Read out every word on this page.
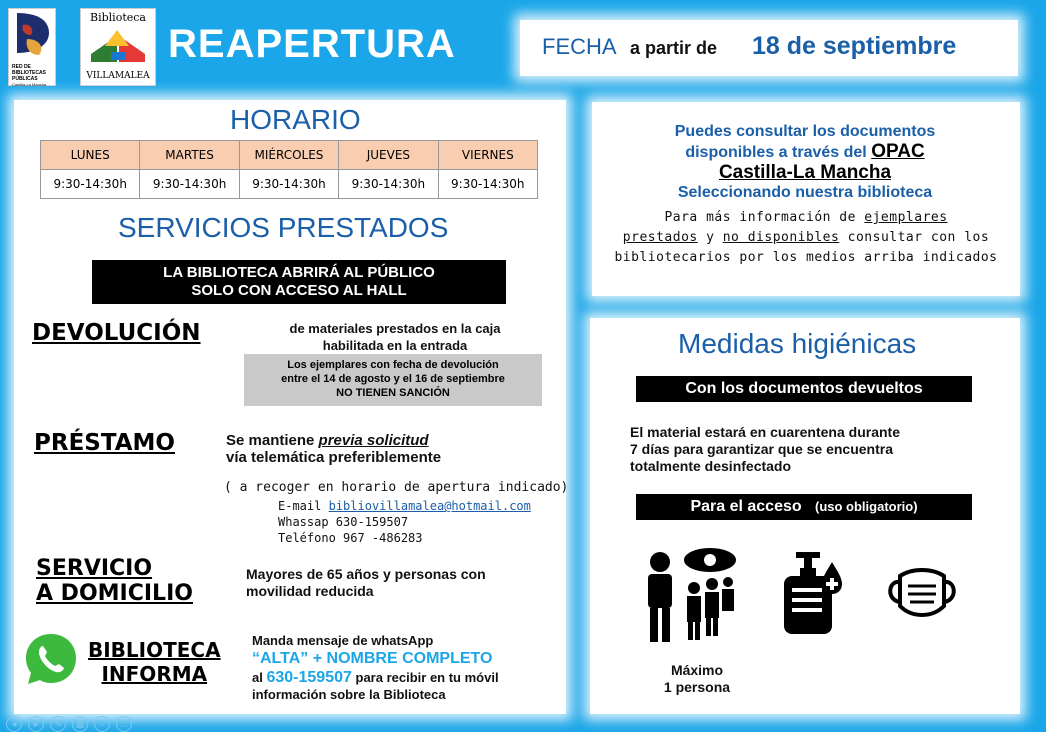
RED DE BIBLIOTECAS PÚBLICAS
Castilla-La Mancha
Biblioteca
VILLAMALEA
REAPERTURA	FECHA a partir de 18 de septiembre
HORARIO
LUNES	MARTES	MIÉRCOLES	JUEVES	VIERNES
9:30-14:30h	9:30-14:30h	9:30-14:30h	9:30-14:30h	9:30-14:30h
SERVICIOS PRESTADOS
LA BIBLIOTECA ABRIRÁ AL PÚBLICO
SOLO CON ACCESO AL HALL
DEVOLUCIÓN	de materiales prestados en la caja
habilitada en la entrada
Los ejemplares con fecha de devolución
entre el 14 de agosto y el 16 de septiembre
NO TIENEN SANCIÓN
PRÉSTAMO	Se mantiene previa solicitud
vía telemática preferiblemente
( a recoger en horario de apertura indicado)
E-mail bibliovillamalea@hotmail.com
Whassap 630-159507
Teléfono 967 -486283
SERVICIO
A DOMICILIO
Mayores de 65 años y personas con
movilidad reducida
BIBLIOTECA
INFORMA
Manda mensaje de whatsApp
“ALTA” + NOMBRE COMPLETO
al 630-159507 para recibir en tu móvil
información sobre la Biblioteca
Puedes consultar los documentos
disponibles a través del OPAC
Castilla-La Mancha
Seleccionando nuestra biblioteca
Para más información de ejemplares
prestados y no disponibles consultar con los
bibliotecarios por los medios arriba indicados
Medidas higiénicas
Con los documentos devueltos
El material estará en cuarentena durante
7 días para garantizar que se encuentra
totalmente desinfectado
Para el acceso (uso obligatorio)
Máximo
1 persona
◂	▸	✎	▦	⌕	…
